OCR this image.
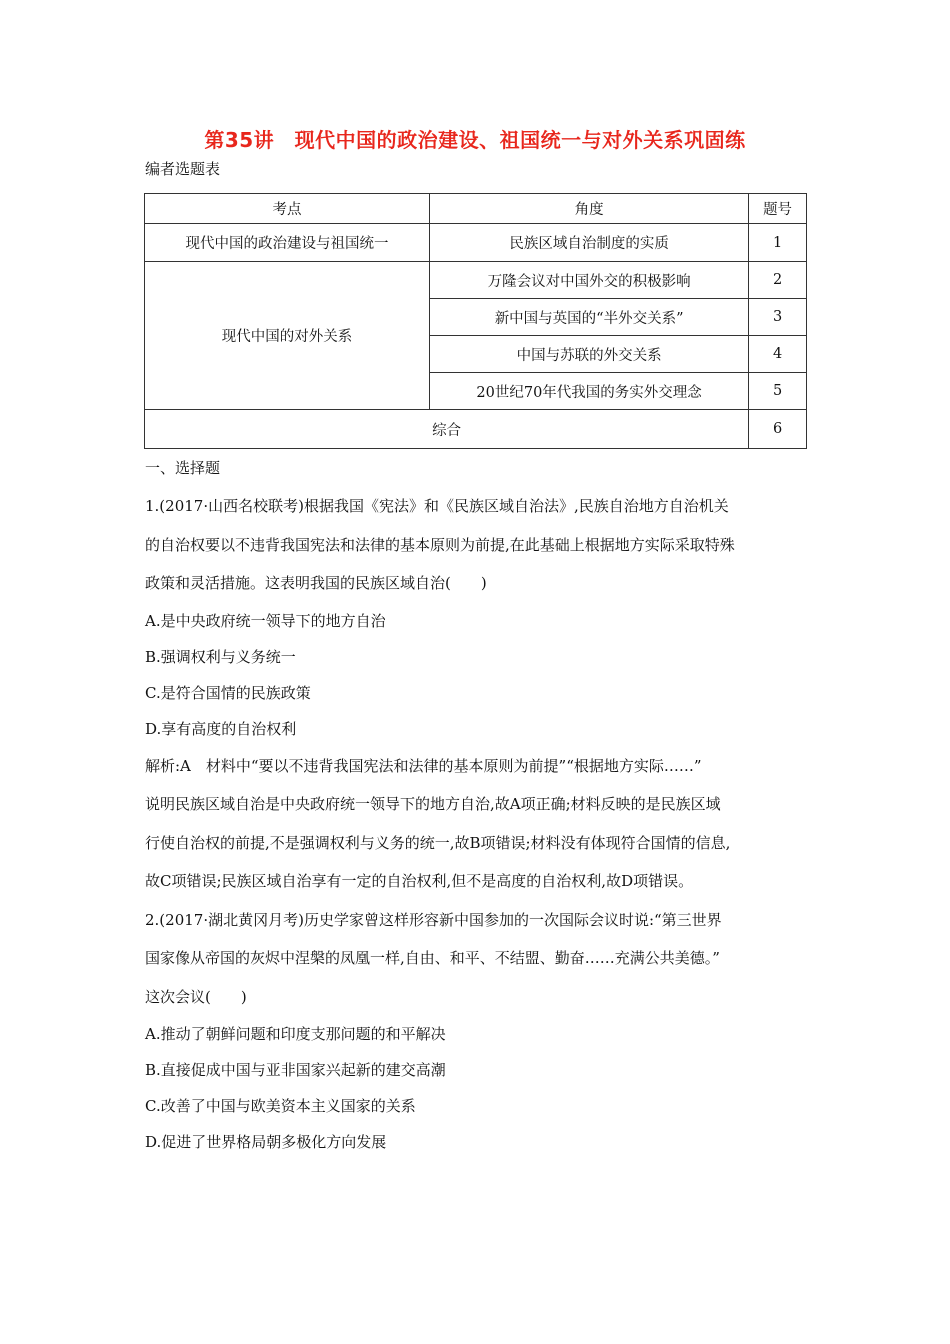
第35讲　现代中国的政治建设、祖国统一与对外关系巩固练
编者选题表
考点	角度	题号
现代中国的政治建设与祖国统一	民族区域自治制度的实质	1
现代中国的对外关系	万隆会议对中国外交的积极影响	2
	新中国与英国的“半外交关系”	3
	中国与苏联的外交关系	4
	20世纪70年代我国的务实外交理念	5
综合		6
一、选择题
1.(2017·山西名校联考)根据我国《宪法》和《民族区域自治法》,民族自治地方自治机关
的自治权要以不违背我国宪法和法律的基本原则为前提,在此基础上根据地方实际采取特殊
政策和灵活措施。这表明我国的民族区域自治(　　)
A.是中央政府统一领导下的地方自治
B.强调权利与义务统一
C.是符合国情的民族政策
D.享有高度的自治权利
解析:A　材料中“要以不违背我国宪法和法律的基本原则为前提”“根据地方实际……”
说明民族区域自治是中央政府统一领导下的地方自治,故A项正确;材料反映的是民族区域
行使自治权的前提,不是强调权利与义务的统一,故B项错误;材料没有体现符合国情的信息,
故C项错误;民族区域自治享有一定的自治权利,但不是高度的自治权利,故D项错误。
2.(2017·湖北黄冈月考)历史学家曾这样形容新中国参加的一次国际会议时说:“第三世界
国家像从帝国的灰烬中涅槃的凤凰一样,自由、和平、不结盟、勤奋……充满公共美德。”
这次会议(　　)
A.推动了朝鲜问题和印度支那问题的和平解决
B.直接促成中国与亚非国家兴起新的建交高潮
C.改善了中国与欧美资本主义国家的关系
D.促进了世界格局朝多极化方向发展
